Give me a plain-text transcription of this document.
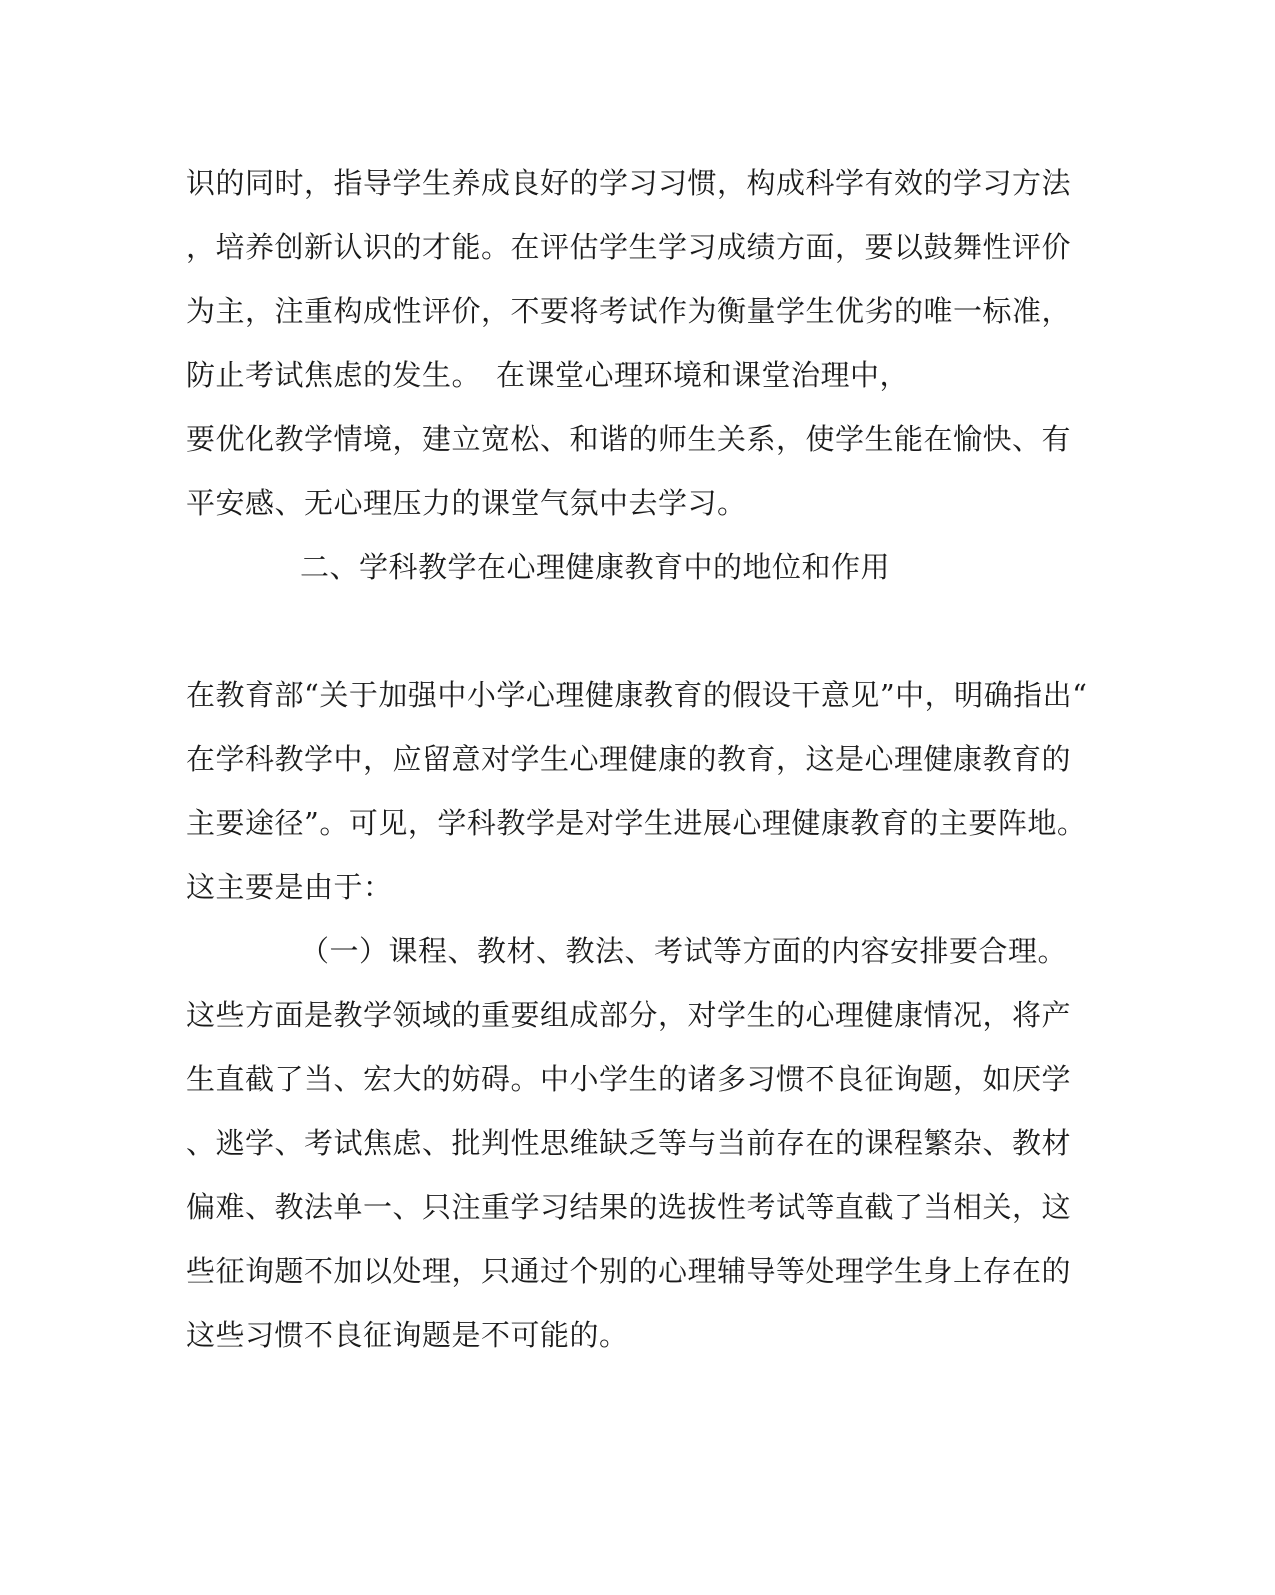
识的同时，指导学生养成良好的学习习惯，构成科学有效的学习方法
，培养创新认识的才能。在评估学生学习成绩方面，要以鼓舞性评价
为主，注重构成性评价，不要将考试作为衡量学生优劣的唯一标准，
防止考试焦虑的发生。　在课堂心理环境和课堂治理中，
要优化教学情境，建立宽松、和谐的师生关系，使学生能在愉快、有
平安感、无心理压力的课堂气氛中去学习。
二、学科教学在心理健康教育中的地位和作用
在教育部“关于加强中小学心理健康教育的假设干意见”中，明确指出“
在学科教学中，应留意对学生心理健康的教育，这是心理健康教育的
主要途径”。可见，学科教学是对学生进展心理健康教育的主要阵地。
这主要是由于：
（一）课程、教材、教法、考试等方面的内容安排要合理。
这些方面是教学领域的重要组成部分，对学生的心理健康情况，将产
生直截了当、宏大的妨碍。中小学生的诸多习惯不良征询题，如厌学
、逃学、考试焦虑、批判性思维缺乏等与当前存在的课程繁杂、教材
偏难、教法单一、只注重学习结果的选拔性考试等直截了当相关，这
些征询题不加以处理，只通过个别的心理辅导等处理学生身上存在的
这些习惯不良征询题是不可能的。
